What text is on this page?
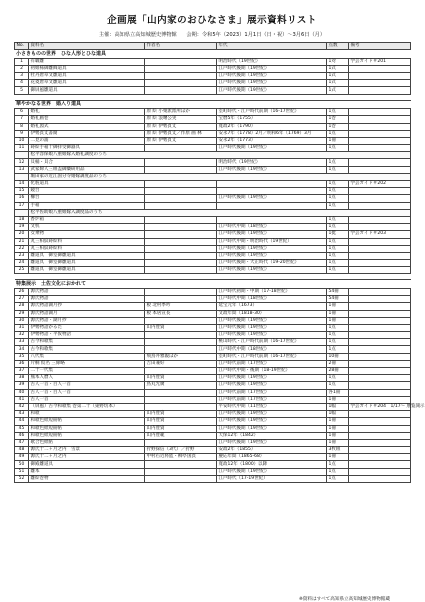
企画展「山内家のおひなさま」展示資料リスト
主催：高知県立高知城歴史博物館 会期：令和5年（2023）1月1日（日・祝）～3月6日（月）
No.	資料名	作者名	年代	点数	備考
小さきものの世界　ひな人形とひな道具					
1	有職雛		明治時代（19世紀）	1対	学芸ガイド＃201
2	初姫様御雛飾道具		江戸時代後期（19世紀）	1式	
3	牡丹唐草文雛道具		江戸時代後期（19世紀）	1式	
4	花菱唐草文雛道具		江戸時代後期（19世紀）	1式	
5	御屏風雛道具		江戸時代後期（19世紀）	1式	

華やかなる世界　婚入り道具					
6	婚礼	原 絵 小栗派派所ほか	室町時代・江戸時代前期（16-17世紀）	1点	
7	婚礼画巻	原 絵 浪曙公実	宝暦5年（1755）	1巻	
8	婚礼図式	原 絵 伊勢貞丈	寛政2年（1790）	1巻	
9	伊勢貞丈書簡	原 絵 伊勢貞丈／作原 画 林	安永7年（1778）2月／明和6年（1769）3月	1点	
10	二見の浦	原 絵 伊勢貞丈	安永2年（1773）	1冊	
11	蒔絵手箱十御拝受御器具		江戸時代後期（19世紀）	1点	
	松平容保娘八重姫嫁入婚礼調度のうち				
12	貝桶・貝合		明治時代（19世紀）	1点	
13	武家婦人三組盃御藥研用品		江戸時代後期（19世紀）	1点	
	堀田家の近江国分寺婚嫁調度品のうち				
14	化粧道具			1点	学芸ガイド＃202
15	鏡台			1点	
16	櫛台		江戸時代後期（19世紀）	1点	
17	手箱			1点	
	松平佐助娘八重姫嫁入調度品のうち				
18	香炉箱			1点	
19	文机		江戸時代中期（18世紀）	1点	
20	女乗物		江戸時代後期（19世紀）	1挺	学芸ガイド＃203
21	丸三柏紋蒔絵料		江戸時代中期・明治時代（19世紀）	1点	
22	丸三柏紋蒔絵料		江戸時代後期（19世紀）	1点	
23	雛道具　御室御雛道具		江戸時代後期（19世紀）	1点	
24	雛道具　御室御雛道具		江戸時代後期・大正時代（19-20世紀）	1点	
25	雛道具　御室御雛道具		江戸時代後期（19世紀）	1点	

特集展示　土佐文化におかれて					
26	源氏物語		江戸時代初期・中期（17-18世紀）	54冊	
27	源氏物語		江戸時代中期（18世紀）	54冊	
28	源氏物語湖月抄	板 北村季吟	延宝元年（1673）	1冊	
29	源氏物語湖月	板 本居宣長	文政年間（1818-30）	1冊	
30	源氏物語・湖月抄		江戸時代後期（19世紀）	1冊	
31	伊勢物語かるた	山内豊資	江戸時代後期（19世紀）	1点	
32	伊勢物語・平仮物語		江戸時代後期（19世紀）	1点	
33	古今和歌集		桃山時代・江戸時代前期（16-17世紀）	1点	
34	古今和歌集		江戸時代中期（18世紀）	1点	
35	八代集	飛鳥井雅親ほか	室町時代・江戸時代前期（16-17世紀）	10冊	
36	片桐 仮名 三條略	吉田兼好	江戸時代前期（17世紀）	2冊	
37	二十一代集		江戸時代中期・後期（18-19世紀）	28冊	
38	熊本人麿人	山内豊資	江戸時代後期（19世紀）	1点	
39	古人一首・百人一首	鳥丸光廣	江戸時代後期（19世紀）	1点	
40	古人一首・百人一首		江戸時代前期（17世紀）	各1冊	
41	古人一首		江戸時代前期（17世紀）	1冊	
42	（屏風）古今和歌集 巻第二十（東野切本）		平安時代中期（11世紀）	1幅	学芸ガイド＃204　1/17～ 展覧開示
43	和歌	山内豊資	江戸時代後期（19世紀）	1幅	
44	和歌色紙短冊帖	山内豊資	江戸時代後期（19世紀）	1冊	
45	和歌色紙短冊帖	山内豊資	江戸時代後期（19世紀）	1冊	
46	和歌色紙短冊帖	山内豊範	天保12年（1842）	1冊	
47	歌合色紙帖		江戸時代後期（19世紀）	1冊	
48	源氏十二ヶ月之内　雪景	狩野探信（3代）／狩野	安政2年（1855）	3枚組	
49	源氏十二ヶ月之内	中村右近将監・柳亭国貞	慶応年間（1865-68）	1冊	
50	御殿雛道具		寛政12年（1800）以降	1点	
51	雛本		江戸時代後期（19世紀）	1点	
52	雛絵巻物		江戸時代（17-19世紀）	1点	
※資料はすべて高知県立高知城歴史博物館蔵
